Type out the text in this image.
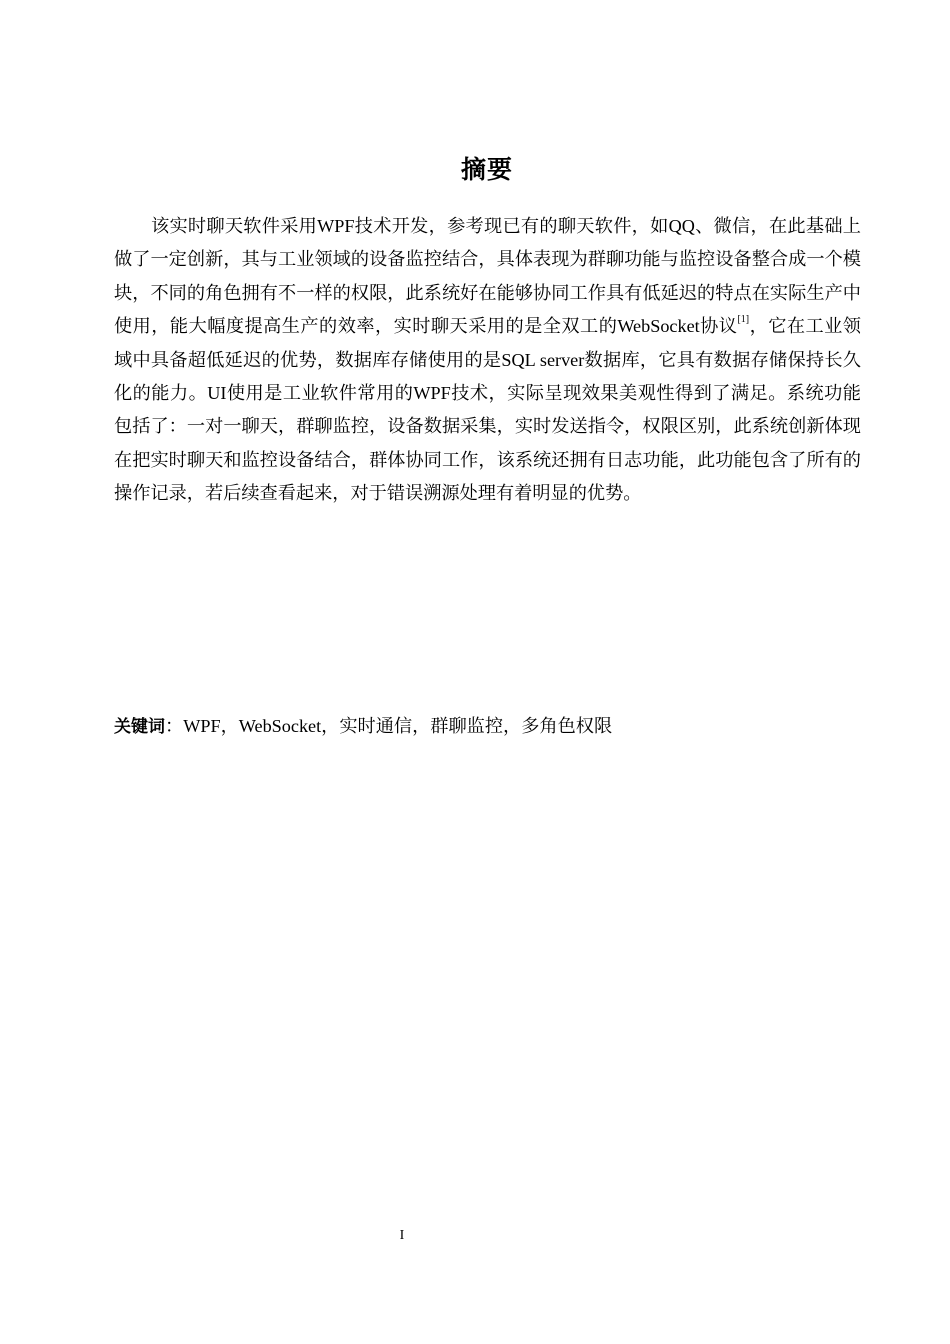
摘要

该实时聊天软件采用WPF技术开发，参考现已有的聊天软件，如QQ、微信，在此基础上做了一定创新，其与工业领域的设备监控结合，具体表现为群聊功能与监控设备整合成一个模块，不同的角色拥有不一样的权限，此系统好在能够协同工作具有低延迟的特点在实际生产中使用，能大幅度提高生产的效率，实时聊天采用的是全双工的WebSocket协议[1]，它在工业领域中具备超低延迟的优势，数据库存储使用的是SQL server数据库，它具有数据存储保持长久化的能力。UI使用是工业软件常用的WPF技术，实际呈现效果美观性得到了满足。系统功能包括了：一对一聊天，群聊监控，设备数据采集，实时发送指令，权限区别，此系统创新体现在把实时聊天和监控设备结合，群体协同工作，该系统还拥有日志功能，此功能包含了所有的操作记录，若后续查看起来，对于错误溯源处理有着明显的优势。

关键词：WPF，WebSocket，实时通信，群聊监控，多角色权限
I
